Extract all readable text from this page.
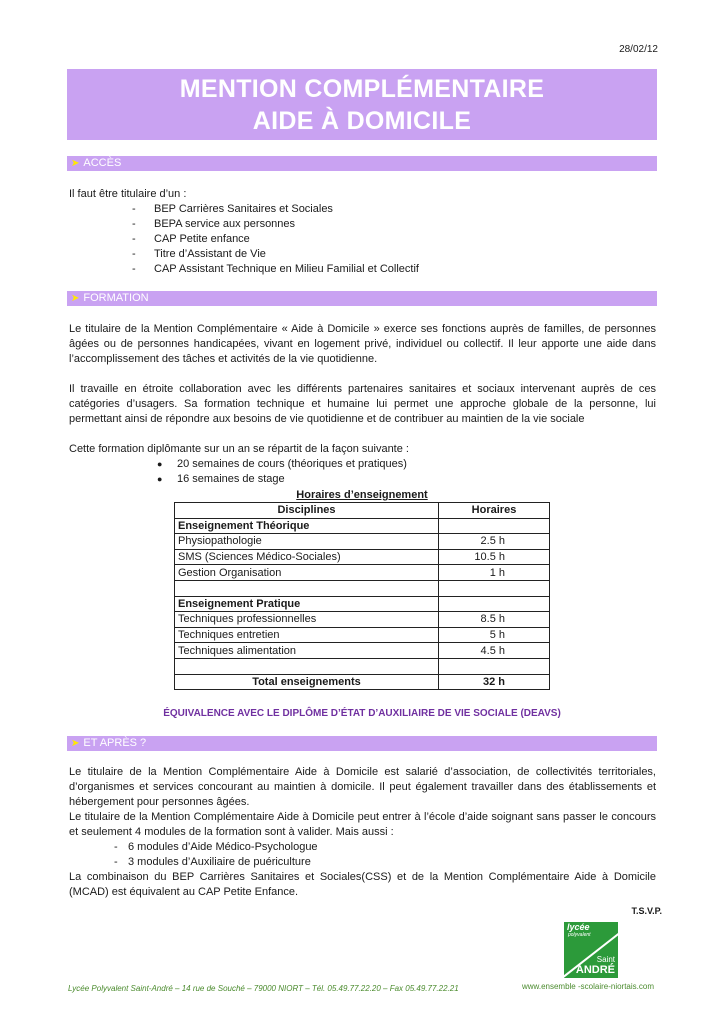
28/02/12
MENTION COMPLÉMENTAIRE
AIDE À DOMICILE
➤ ACCÈS
Il faut être titulaire d’un :
- BEP Carrières Sanitaires et Sociales
- BEPA service aux personnes
- CAP Petite enfance
- Titre d’Assistant de Vie
- CAP Assistant Technique en Milieu Familial et Collectif
➤ FORMATION
Le titulaire de la Mention Complémentaire « Aide à Domicile » exerce ses fonctions auprès de familles, de personnes âgées ou de personnes handicapées, vivant en logement privé, individuel ou collectif. Il leur apporte une aide dans l’accomplissement des tâches et activités de la vie quotidienne.
Il travaille en étroite collaboration avec les différents partenaires sanitaires et sociaux intervenant auprès de ces catégories d’usagers. Sa formation technique et humaine lui permet une approche globale de la personne, lui permettant ainsi de répondre aux besoins de vie quotidienne et de contribuer au maintien de la vie sociale
Cette formation diplômante sur un an se répartit de la façon suivante :
● 20 semaines de cours (théoriques et pratiques)
● 16 semaines de stage
Horaires d’enseignement
Disciplines	Horaires
Enseignement Théorique	
Physiopathologie	2.5 h
SMS (Sciences Médico-Sociales)	10.5 h
Gestion Organisation	1 h

Enseignement Pratique	
Techniques professionnelles	8.5 h
Techniques entretien	5 h
Techniques alimentation	4.5 h

Total enseignements	32 h
ÉQUIVALENCE AVEC LE DIPLÔME D’ÉTAT D’AUXILIAIRE DE VIE SOCIALE (DEAVS)
➤ ET APRÈS ?
Le titulaire de la Mention Complémentaire Aide à Domicile est salarié d’association, de collectivités territoriales, d’organismes et services concourant au maintien à domicile. Il peut également travailler dans des établissements et hébergement pour personnes âgées.
Le titulaire de la Mention Complémentaire Aide à Domicile peut entrer à l’école d’aide soignant sans passer le concours et seulement 4 modules de la formation sont à valider. Mais aussi :
- 6 modules d’Aide Médico-Psychologue
- 3 modules d’Auxiliaire de puériculture
La combinaison du BEP Carrières Sanitaires et Sociales(CSS) et de la Mention Complémentaire Aide à Domicile (MCAD) est équivalent au CAP Petite Enfance.
T.S.V.P.
lycée
polyvalent
Saint
ANDRÉ
Lycée Polyvalent Saint-André – 14 rue de Souché – 79000 NIORT – Tél. 05.49.77.22.20 – Fax 05.49.77.22.21	www.ensemble -scolaire-niortais.com
